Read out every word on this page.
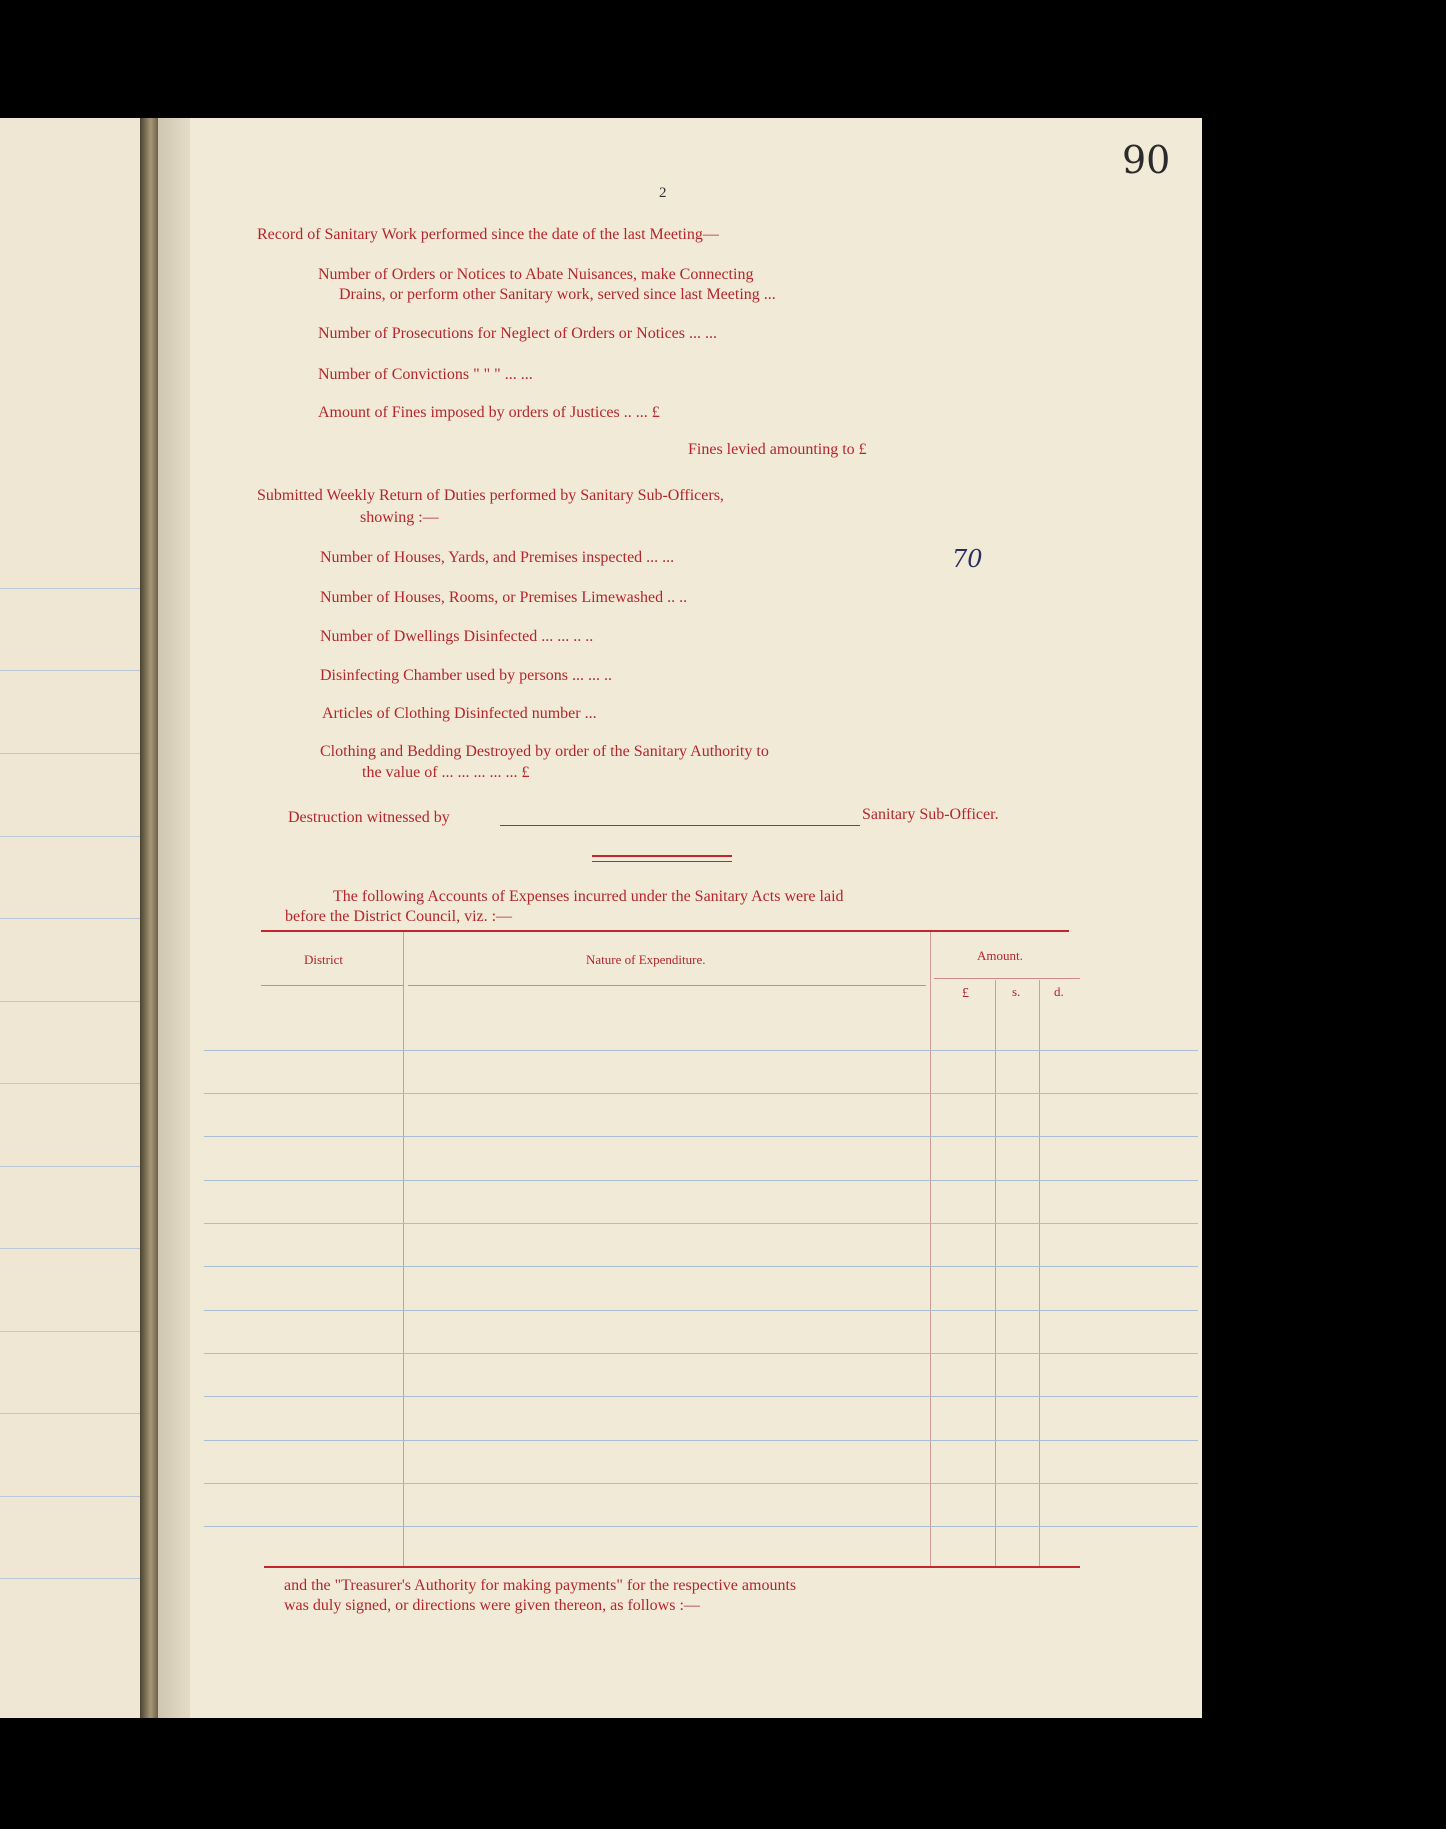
90
2
Record of Sanitary Work performed since the date of the last Meeting—
Number of Orders or Notices to Abate Nuisances, make Connecting
Drains, or perform other Sanitary work, served since last Meeting ...
Number of Prosecutions for Neglect of Orders or Notices ... ...
Number of Convictions " " " ... ...
Amount of Fines imposed by orders of Justices .. ... £
Fines levied amounting to £
Submitted Weekly Return of Duties performed by Sanitary Sub-Officers,
showing :—
Number of Houses, Yards, and Premises inspected ... ...	70
Number of Houses, Rooms, or Premises Limewashed .. ..
Number of Dwellings Disinfected ... ... .. ..
Disinfecting Chamber used by persons ... ... ..
Articles of Clothing Disinfected number ...
Clothing and Bedding Destroyed by order of the Sanitary Authority to
the value of ... ... ... ... ... £
Destruction witnessed by	Sanitary Sub-Officer.
The following Accounts of Expenses incurred under the Sanitary Acts were laid
before the District Council, viz. :—
District	Nature of Expenditure.	Amount.
£	s.	d.
and the "Treasurer's Authority for making payments" for the respective amounts
was duly signed, or directions were given thereon, as follows :—
